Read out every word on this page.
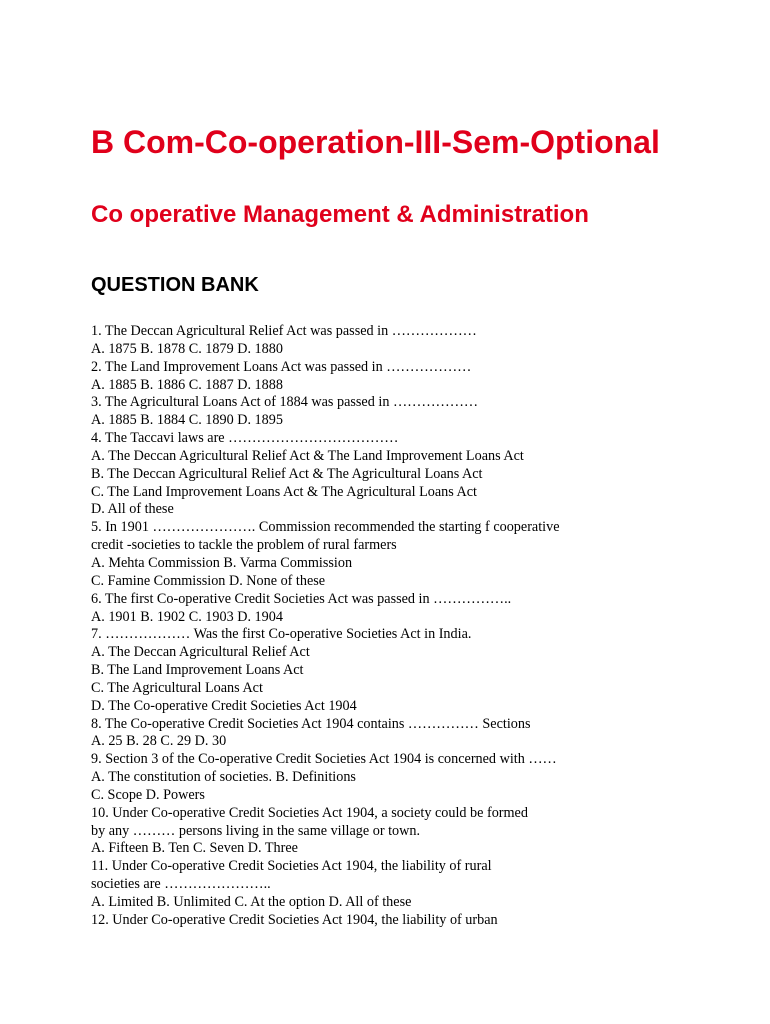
B Com-Co-operation-III-Sem-Optional
Co operative Management & Administration
QUESTION BANK
1. The Deccan Agricultural Relief Act was passed in ………………
A. 1875 B. 1878 C. 1879 D. 1880
2. The Land Improvement Loans Act was passed in ………………
A. 1885 B. 1886 C. 1887 D. 1888
3. The Agricultural Loans Act of 1884 was passed in ………………
A. 1885 B. 1884 C. 1890 D. 1895
4. The Taccavi laws are ………………………………
A. The Deccan Agricultural Relief Act & The Land Improvement Loans Act
B. The Deccan Agricultural Relief Act & The Agricultural Loans Act
C. The Land Improvement Loans Act & The Agricultural Loans Act
D. All of these
5. In 1901 …………………. Commission recommended the starting f cooperative
credit -societies to tackle the problem of rural farmers
A. Mehta Commission B. Varma Commission
C. Famine Commission D. None of these
6. The first Co-operative Credit Societies Act was passed in ……………..
A. 1901 B. 1902 C. 1903 D. 1904
7. ……………… Was the first Co-operative Societies Act in India.
A. The Deccan Agricultural Relief Act
B. The Land Improvement Loans Act
C. The Agricultural Loans Act
D. The Co-operative Credit Societies Act 1904
8. The Co-operative Credit Societies Act 1904 contains …………… Sections
A. 25 B. 28 C. 29 D. 30
9. Section 3 of the Co-operative Credit Societies Act 1904 is concerned with ……
A. The constitution of societies. B. Definitions
C. Scope D. Powers
10. Under Co-operative Credit Societies Act 1904, a society could be formed
by any ……… persons living in the same village or town.
A. Fifteen B. Ten C. Seven D. Three
11. Under Co-operative Credit Societies Act 1904, the liability of rural
societies are …………………..
A. Limited B. Unlimited C. At the option D. All of these
12. Under Co-operative Credit Societies Act 1904, the liability of urban
